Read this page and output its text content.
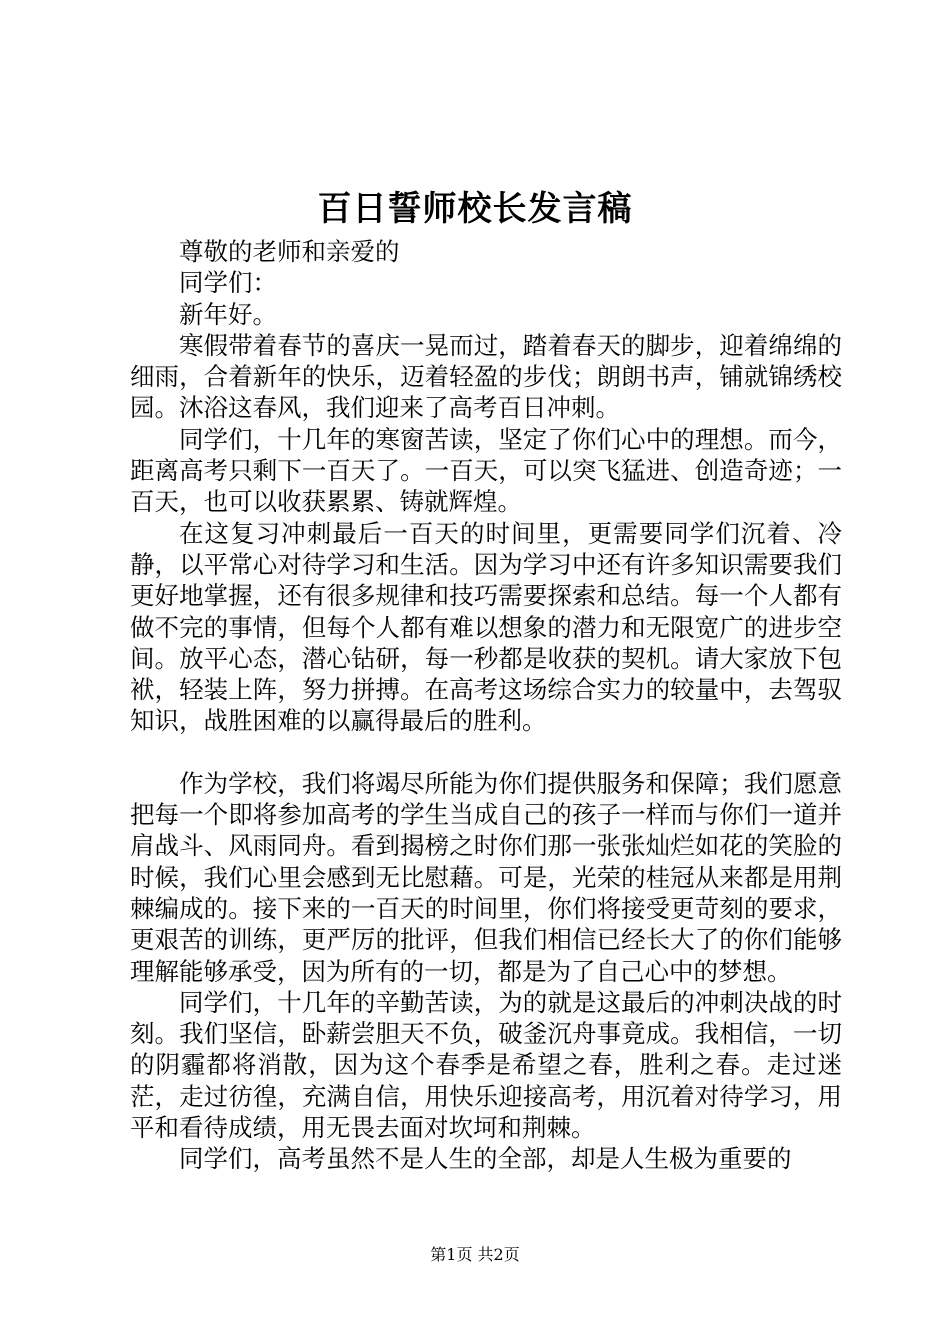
百日誓师校长发言稿

尊敬的老师和亲爱的

同学们：

新年好。

寒假带着春节的喜庆一晃而过，踏着春天的脚步，迎着绵绵的细雨，合着新年的快乐，迈着轻盈的步伐；朗朗书声，铺就锦绣校园。沐浴这春风，我们迎来了高考百日冲刺。

同学们，十几年的寒窗苦读，坚定了你们心中的理想。而今，距离高考只剩下一百天了。一百天，可以突飞猛进、创造奇迹；一百天，也可以收获累累、铸就辉煌。

在这复习冲刺最后一百天的时间里，更需要同学们沉着、冷静，以平常心对待学习和生活。因为学习中还有许多知识需要我们更好地掌握，还有很多规律和技巧需要探索和总结。每一个人都有做不完的事情，但每个人都有难以想象的潜力和无限宽广的进步空间。放平心态，潜心钻研，每一秒都是收获的契机。请大家放下包袱，轻装上阵，努力拼搏。在高考这场综合实力的较量中，去驾驭知识，战胜困难的以赢得最后的胜利。

作为学校，我们将竭尽所能为你们提供服务和保障；我们愿意把每一个即将参加高考的学生当成自己的孩子一样而与你们一道并肩战斗、风雨同舟。看到揭榜之时你们那一张张灿烂如花的笑脸的时候，我们心里会感到无比慰藉。可是，光荣的桂冠从来都是用荆棘编成的。接下来的一百天的时间里，你们将接受更苛刻的要求，更艰苦的训练，更严厉的批评，但我们相信已经长大了的你们能够理解能够承受，因为所有的一切，都是为了自己心中的梦想。

同学们，十几年的辛勤苦读，为的就是这最后的冲刺决战的时刻。我们坚信，卧薪尝胆天不负，破釜沉舟事竟成。我相信，一切的阴霾都将消散，因为这个春季是希望之春，胜利之春。走过迷茫，走过彷徨，充满自信，用快乐迎接高考，用沉着对待学习，用平和看待成绩，用无畏去面对坎坷和荆棘。

同学们，高考虽然不是人生的全部，却是人生极为重要的

第1页 共2页
